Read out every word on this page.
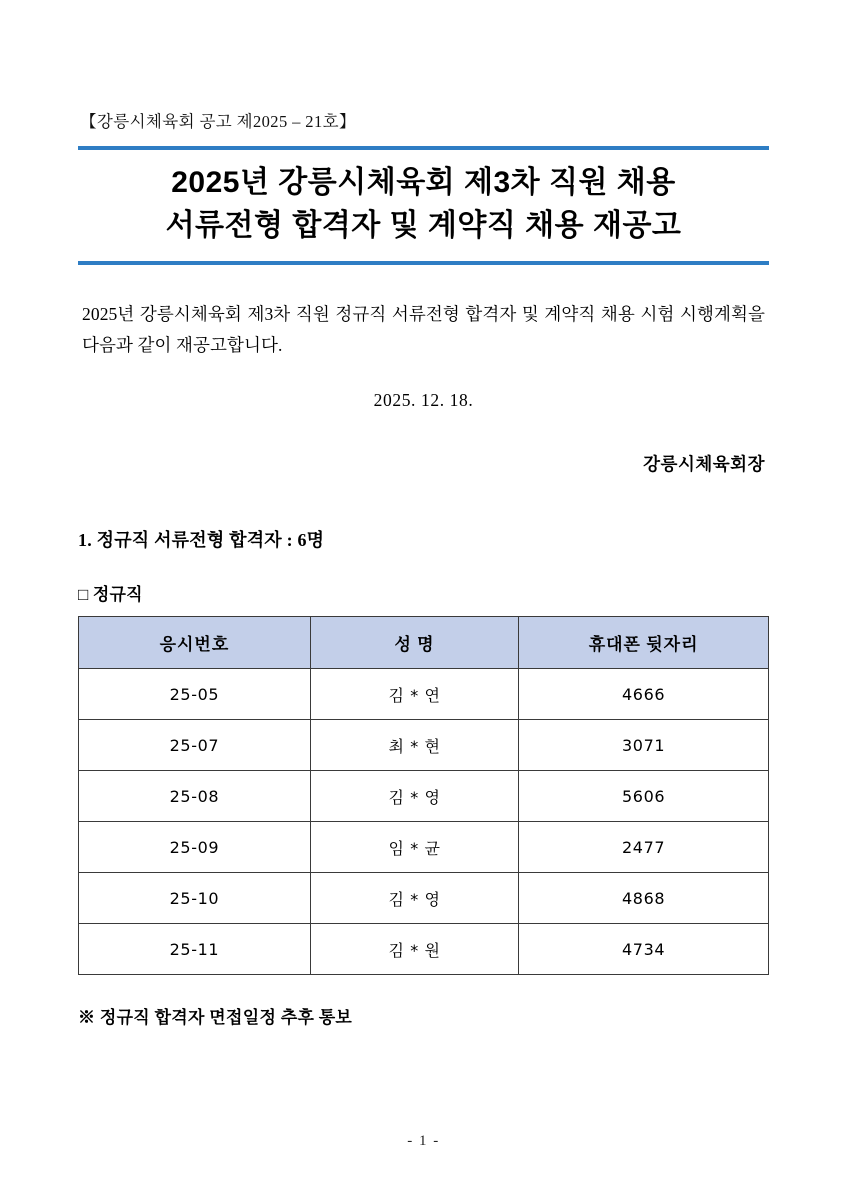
【강릉시체육회 공고 제2025 – 21호】
2025년 강릉시체육회 제3차 직원 채용
서류전형 합격자 및 계약직 채용 재공고

2025년 강릉시체육회 제3차 직원 정규직 서류전형 합격자 및 계약직 채용 시험 시행계획을 다음과 같이 재공고합니다.

2025. 12. 18.
강릉시체육회장
1. 정규직 서류전형 합격자 : 6명
□ 정규직
응시번호	성 명	휴대폰 뒷자리
25-05	김 * 연	4666
25-07	최 * 현	3071
25-08	김 * 영	5606
25-09	임 * 균	2477
25-10	김 * 영	4868
25-11	김 * 원	4734
※ 정규직 합격자 면접일정 추후 통보
- 1 -
